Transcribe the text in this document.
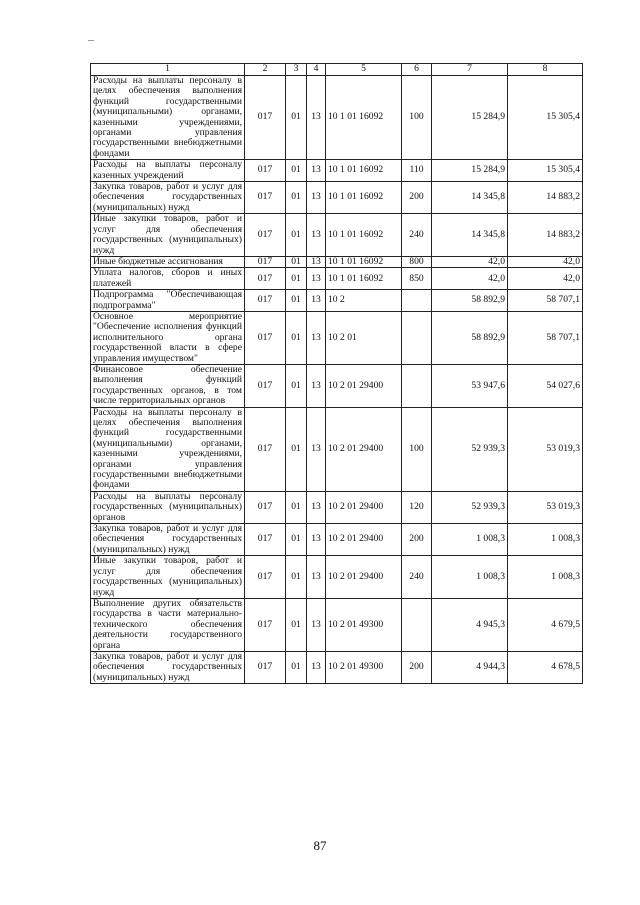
1	2	3	4	5	6	7	8
Расходы на выплаты персоналу в целях обеспечения выполнения функций государственными (муниципальными) органами, казенными учреждениями, органами управления государственными внебюджетными фондами	017	01	13	10 1 01 16092	100	15 284,9	15 305,4
Расходы на выплаты персоналу казенных учреждений	017	01	13	10 1 01 16092	110	15 284,9	15 305,4
Закупка товаров, работ и услуг для обеспечения государственных (муниципальных) нужд	017	01	13	10 1 01 16092	200	14 345,8	14 883,2
Иные закупки товаров, работ и услуг для обеспечения государственных (муниципальных) нужд	017	01	13	10 1 01 16092	240	14 345,8	14 883,2
Иные бюджетные ассигнования	017	01	13	10 1 01 16092	800	42,0	42,0
Уплата налогов, сборов и иных платежей	017	01	13	10 1 01 16092	850	42,0	42,0
Подпрограмма "Обеспечивающая подпрограмма"	017	01	13	10 2		58 892,9	58 707,1
Основное мероприятие "Обеспечение исполнения функций исполнительного органа государственной власти в сфере управления имуществом"	017	01	13	10 2 01		58 892,9	58 707,1
Финансовое обеспечение выполнения функций государственных органов, в том числе территориальных органов	017	01	13	10 2 01 29400		53 947,6	54 027,6
Расходы на выплаты персоналу в целях обеспечения выполнения функций государственными (муниципальными) органами, казенными учреждениями, органами управления государственными внебюджетными фондами	017	01	13	10 2 01 29400	100	52 939,3	53 019,3
Расходы на выплаты персоналу государственных (муниципальных) органов	017	01	13	10 2 01 29400	120	52 939,3	53 019,3
Закупка товаров, работ и услуг для обеспечения государственных (муниципальных) нужд	017	01	13	10 2 01 29400	200	1 008,3	1 008,3
Иные закупки товаров, работ и услуг для обеспечения государственных (муниципальных) нужд	017	01	13	10 2 01 29400	240	1 008,3	1 008,3
Выполнение других обязательств государства в части материально-технического обеспечения деятельности государственного органа	017	01	13	10 2 01 49300		4 945,3	4 679,5
Закупка товаров, работ и услуг для обеспечения государственных (муниципальных) нужд	017	01	13	10 2 01 49300	200	4 944,3	4 678,5
87
